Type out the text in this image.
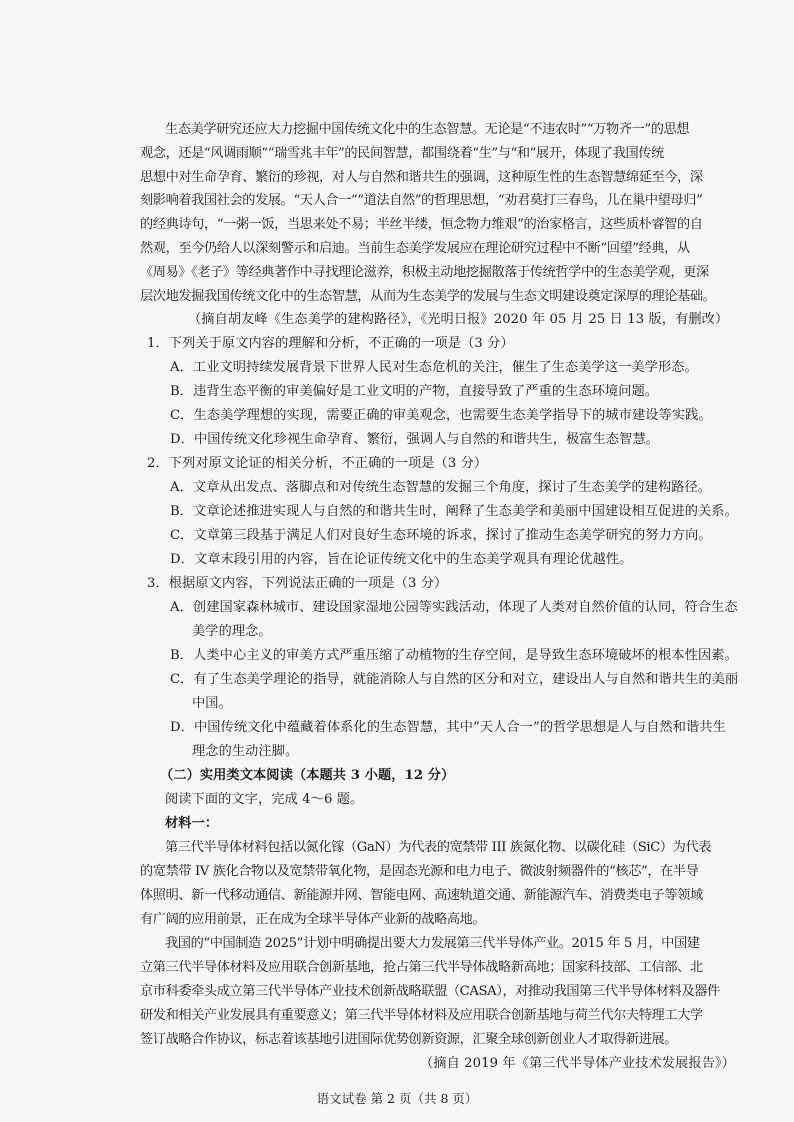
生态美学研究还应大力挖掘中国传统文化中的生态智慧。无论是“不违农时”“万物齐一”的思想
观念，还是“风调雨顺”“瑞雪兆丰年”的民间智慧，都围绕着“生”与“和”展开，体现了我国传统
思想中对生命孕育、繁衍的珍视，对人与自然和谐共生的强调，这种原生性的生态智慧绵延至今，深
刻影响着我国社会的发展。“天人合一”“道法自然”的哲理思想，“劝君莫打三春鸟，儿在巢中望母归”
的经典诗句，“一粥一饭，当思来处不易；半丝半缕，恒念物力维艰”的治家格言，这些质朴睿智的自
然观，至今仍给人以深刻警示和启迪。当前生态美学发展应在理论研究过程中不断“回望”经典，从
《周易》《老子》等经典著作中寻找理论滋养，积极主动地挖掘散落于传统哲学中的生态美学观，更深
层次地发掘我国传统文化中的生态智慧，从而为生态美学的发展与生态文明建设奠定深厚的理论基础。
（摘自胡友峰《生态美学的建构路径》，《光明日报》2020 年 05 月 25 日 13 版，有删改）
1．下列关于原文内容的理解和分析，不正确的一项是（3 分）
A．工业文明持续发展背景下世界人民对生态危机的关注，催生了生态美学这一美学形态。
B．违背生态平衡的审美偏好是工业文明的产物，直接导致了严重的生态环境问题。
C．生态美学理想的实现，需要正确的审美观念，也需要生态美学指导下的城市建设等实践。
D．中国传统文化珍视生命孕育、繁衍，强调人与自然的和谐共生，极富生态智慧。
2．下列对原文论证的相关分析，不正确的一项是（3 分）
A．文章从出发点、落脚点和对传统生态智慧的发掘三个角度，探讨了生态美学的建构路径。
B．文章论述推进实现人与自然的和谐共生时，阐释了生态美学和美丽中国建设相互促进的关系。
C．文章第三段基于满足人们对良好生态环境的诉求，探讨了推动生态美学研究的努力方向。
D．文章末段引用的内容，旨在论证传统文化中的生态美学观具有理论优越性。
3．根据原文内容，下列说法正确的一项是（3 分）
A．创建国家森林城市、建设国家湿地公园等实践活动，体现了人类对自然价值的认同，符合生态
美学的理念。
B．人类中心主义的审美方式严重压缩了动植物的生存空间，是导致生态环境破坏的根本性因素。
C．有了生态美学理论的指导，就能消除人与自然的区分和对立，建设出人与自然和谐共生的美丽
中国。
D．中国传统文化中蕴藏着体系化的生态智慧，其中“天人合一”的哲学思想是人与自然和谐共生
理念的生动注脚。
（二）实用类文本阅读（本题共 3 小题，12 分）
阅读下面的文字，完成 4～6 题。
材料一：
第三代半导体材料包括以氮化镓（GaN）为代表的宽禁带 III 族氮化物、以碳化硅（SiC）为代表
的宽禁带 IV 族化合物以及宽禁带氧化物，是固态光源和电力电子、微波射频器件的“核芯”，在半导
体照明、新一代移动通信、新能源并网、智能电网、高速轨道交通、新能源汽车、消费类电子等领域
有广阔的应用前景，正在成为全球半导体产业新的战略高地。
我国的“中国制造 2025”计划中明确提出要大力发展第三代半导体产业。2015 年 5 月，中国建
立第三代半导体材料及应用联合创新基地，抢占第三代半导体战略新高地；国家科技部、工信部、北
京市科委牵头成立第三代半导体产业技术创新战略联盟（CASA），对推动我国第三代半导体材料及器件
研发和相关产业发展具有重要意义；第三代半导体材料及应用联合创新基地与荷兰代尔夫特理工大学
签订战略合作协议，标志着该基地引进国际优势创新资源，汇聚全球创新创业人才取得新进展。
（摘自 2019 年《第三代半导体产业技术发展报告》）
语文试卷 第 2 页（共 8 页）
